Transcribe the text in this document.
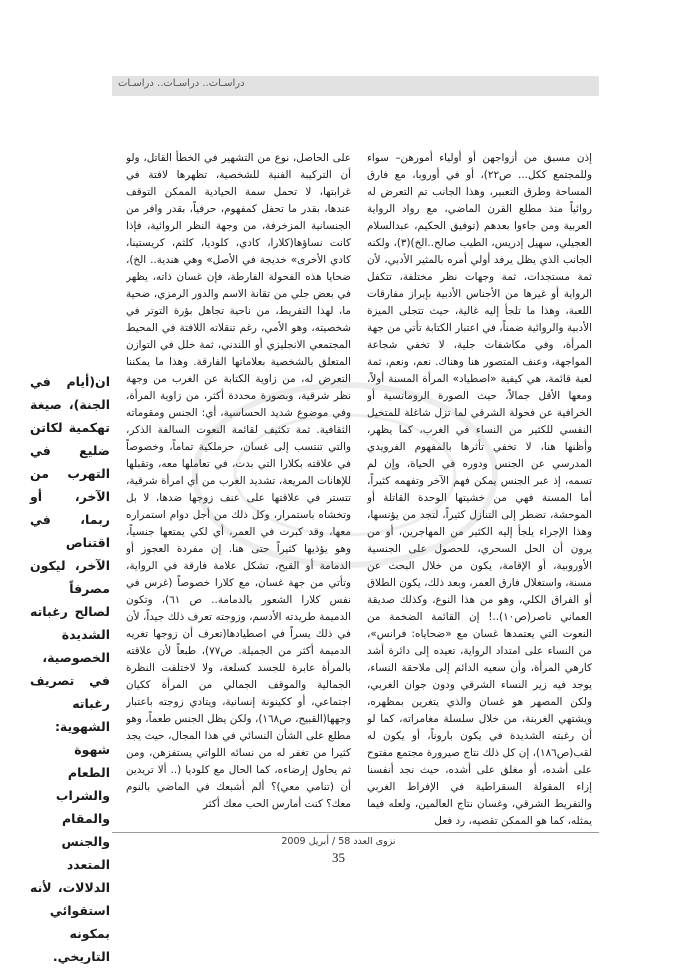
دراسـات.. دراسـات.. دراسـات

إذن مسبق من أزواجهن أو أولياء أمورهن– سواء وللمجتمع ككل... ص٢٢)، أو في أوروبا، مع فارق المساحة وطرق التعبير، وهذا الجانب تم التعرض له روائياً منذ مطلع القرن الماضي، مع رواد الرواية العربية ومن جاءوا بعدهم (توفيق الحكيم، عبدالسلام العجيلي، سهيل إدريس، الطيب صالح..الخ)(٣)، ولكنه الجانب الذي يظل يرفد أولي أمره بالمثير الأدبي، لأن ثمة مستجدات، ثمة وجهات نظر مختلفة، تتكفل الرواية أو غيرها من الأجناس الأدبية بإبراز مفارقات اللعبة، وهذا ما تلجأ إليه غالية، حيث تتجلى الميزة الأدبية والروائية ضمناً، في اعتبار الكتابة تأتي من جهة المرأة، وفي مكاشفات جلية، لا تخفي شجاعة المواجهة، وعنف المتصور هنا وهناك. نعم، ونعم، ثمة لعبة قائمة، هي كيفية «اصطياد» المرأة المسنة أولاً، ومعها الأقل جمالاً، حيث الصورة الرومانسية أو الخرافية عن فحولة الشرقي لما تزل شاغلة للمتخيل النفسي للكثير من النساء في الغرب، كما يظهر، وأظنها هنا، لا تخفي تأثرها بالمفهوم الفرويدي المدرسي عن الجنس ودوره في الحياة، وإن لم تسمه، إذ عبر الجنس يمكن فهم الآخر وتفهمه كثيراً، أما المسنة فهي من خشيتها الوحدة القاتلة أو الموحشة، تضطر إلى التنازل كثيراً، لتجد من يؤنسها، وهذا الإجراء يلجأ إليه الكثير من المهاجرين، أو من يرون أن الحل السحري، للحصول على الجنسية الأوروبية، أو الإقامة، يكون من خلال البحث عن مسنة، واستغلال فارق العمر، وبعد ذلك، يكون الطلاق أو الفراق الكلي، وهو من هذا النوع، وكذلك صديقة العماني ناصر(ص١٠)..! إن القائمة الضخمة من النعوت التي يعتمدها غسان مع «ضحاياه: فرانس»، من النساء على امتداد الرواية، تعيده إلى دائرة أشد كارهي المرأة، وأن سعيه الدائم إلى ملاحقة النساء، يوجد فيه زير النساء الشرقي ودون جوان الغربي، ولكن المصهر هو غسان والذي يتغرين بمظهره، ويشتهي الغربنة، من خلال سلسلة مغامراته، كما لو أن رغبته الشديدة في يكون باروناً، أو يكون له لقب(ص١٨٦)، إن كل ذلك نتاج صيرورة مجتمع مفتوح على أشده، أو مغلق على أشده، حيث نجد أنفسنا إزاء المقولة السقراطية في الإفراط الغربي والتفريط الشرقي، وغسان نتاج العالمين، ولعله فيما يمثله، كما هو الممكن تقصيه، رد فعل

على الحاصل، نوع من التشهير في الخطأ القاتل، ولو أن التركيبة الفنية للشخصية، تظهرها لافتة في غرابتها، لا تحمل سمة الحيادية الممكن التوقف عندها، بقدر ما تحفل كمفهوم، حرفياً، بقدر وافر من الجنسانية المزخرفة، من وجهة النظر الروائية، فإذا كانت نساؤها(كلارا، كادي، كلوديا، كلثم، كريستينا، كادي الأخرى» خديجة في الأصل» وهي هندية.. الخ)، ضحايا هذه الفحولة الفارطة، فإن غسان ذاته، يظهر في بعض جلي من تقانة الاسم والدور الرمزي، ضحية ما، لهذا التفريط، من ناحية تجاهل بؤرة التوتر في شخصيته، وهو الأمي، رغم تنقلاته اللافتة في المحيط المجتمعي الانجليزي أو اللندني، ثمة خلل في التوازن المتعلق بالشخصية بعلاماتها الفارقة. وهذا ما يمكننا التعرض له، من زاوية الكتابة عن الغرب من وجهة نظر شرقية، وبصورة محددة أكثر، من زاوية المرأة، وفي موضوع شديد الحساسية، أي: الجنس ومقوماته الثقافية. ثمة تكثيف لقائمة النعوت السالفة الذكر، والتي تنتسب إلى غسان، حرملكية تماماً، وخصوصاً في علاقته بكلارا التي بدت، في تعاملها معه، وتقبلها للإهانات المريعة، تشديد الغرب من أي امرأة شرقية، تتستر في علاقتها على عنف زوجها ضدها، لا بل وتخشاه باستمرار، وكل ذلك من أجل دوام استمراره معها، وقد كبرت في العمر، أي لكي يمتعها جنسياً، وهو يؤذيها كثيراً حتى هنا. إن مفردة العجوز أو الدمامة أو القبح، تشكل علامة فارقة في الرواية، وتأتي من جهة غسان، مع كلارا خصوصاً (غرس في نفس كلارا الشعور بالدمامة.. ص ٦١)، وتكون الدميمة طريدته الأدسم، وزوجته تعرف ذلك جيداً، لأن في ذلك يسراً في اصطيادها(تعرف أن زوجها تغريه الدميمة أكثر من الجميلة. ص٧٧)، طبعاً لأن علاقته بالمرأة عابرة للجسد كسلعة، ولا لاختلفت النظرة الجمالية والموقف الجمالي من المرأة ككيان اجتماعي، أو ككينونة إنسانية، ويتادي زوجته باعتبار وجهها(القبيح، ص١٦٨)، ولكن يظل الجنس طعماً، وهو مطلع على الشأن النسائي في هذا المجال، حيث يجد كثيرا من تغفر له من نسائه اللواتي يستفزهن، ومن ثم يحاول إرضاءه، كما الحال مع كلوديا (.. ألا تريدين أن (تنامي معي)؟ ألم أشبعك في الماضي بالنوم معك؟ كنت أمارس الحب معك أكثر

ان(أيام في الجنة)، صيغة تهكمية لكاتن ضليع في التهرب من الآخر، أو ربما، في اقتناص الآخر، ليكون مصرفاً لصالح رغباته الشديدة الخصوصية، في تصريف رغباته الشهوية: شهوة الطعام والشراب والمقام والجنس المتعدد الدلالات، لأنه استقوائي بمكونه التاريخي.
نزوى العدد 58 / أبريل 2009
35
